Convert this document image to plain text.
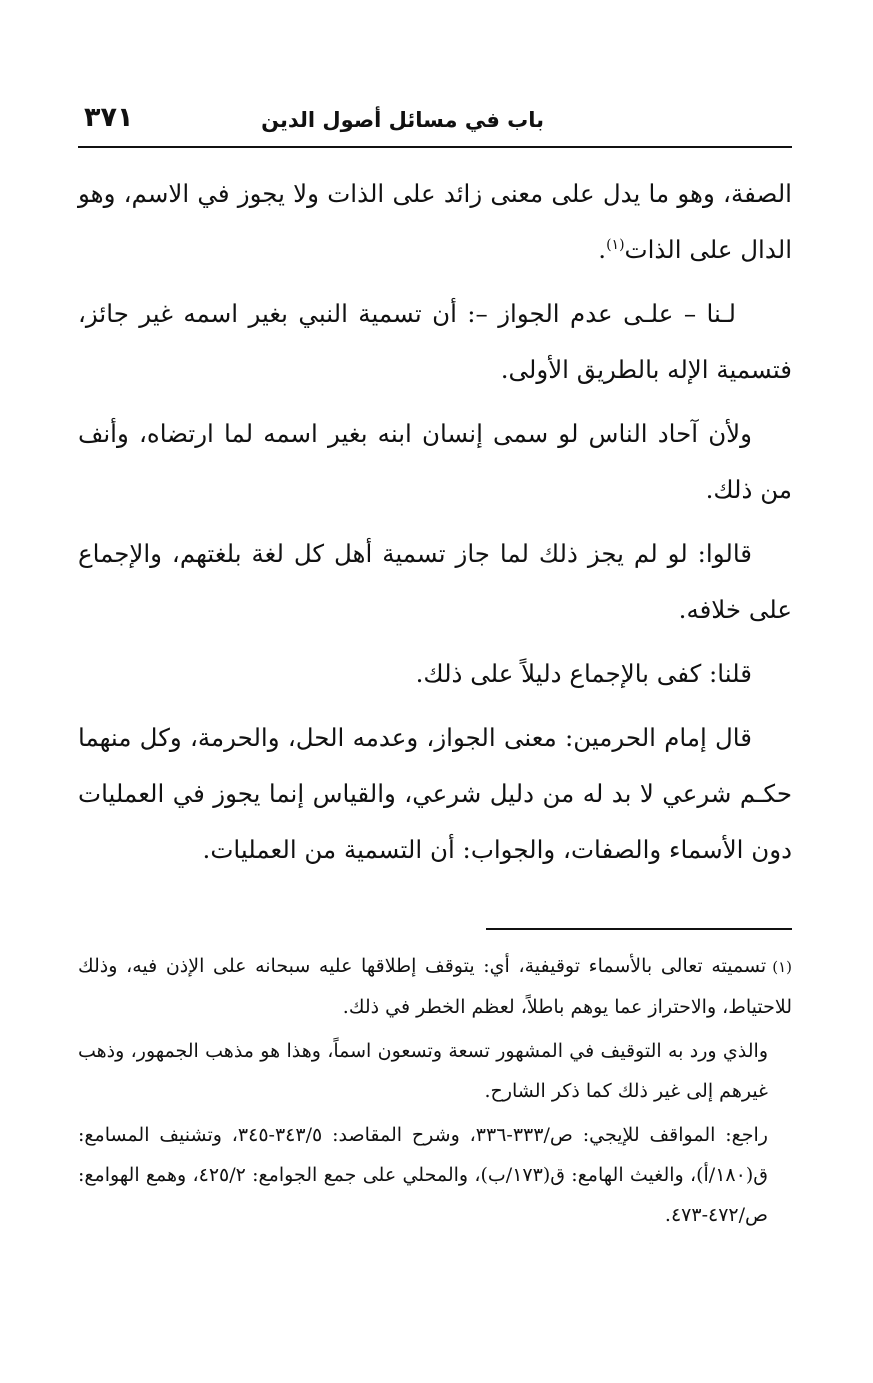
باب في مسائل أصول الدين
٣٧١

الصفة، وهو ما يدل على معنى زائد على الذات ولا يجوز في الاسم، وهو الدال على الذات$^{(١)}$.

لـنا – علـى عدم الجواز –: أن تسمية النبي بغير اسمه غير جائز، فتسمية الإله بالطريق الأولى.

ولأن آحاد الناس لو سمى إنسان ابنه بغير اسمه لما ارتضاه، وأنف من ذلك.

قالوا: لو لم يجز ذلك لما جاز تسمية أهل كل لغة بلغتهم، والإجماع على خلافه.

قلنا: كفى بالإجماع دليلاً على ذلك.

قال إمام الحرمين: معنى الجواز، وعدمه الحل، والحرمة، وكل منهما حكـم شرعي لا بد له من دليل شرعي، والقياس إنما يجوز في العمليات دون الأسماء والصفات، والجواب: أن التسمية من العمليات.

(١)تسميته تعالى بالأسماء توقيفية، أي: يتوقف إطلاقها عليه سبحانه على الإذن فيه، وذلك للاحتياط، والاحتراز عما يوهم باطلاً، لعظم الخطر في ذلك.

والذي ورد به التوقيف في المشهور تسعة وتسعون اسماً، وهذا هو مذهب الجمهور، وذهب غيرهم إلى غير ذلك كما ذكر الشارح.

راجع: المواقف للإيجي: ص/٣٣٣-٣٣٦، وشرح المقاصد: ٣٤٣/٥-٣٤٥، وتشنيف المسامع: ق(١٨٠/أ)، والغيث الهامع: ق(١٧٣/ب)، والمحلي على جمع الجوامع: ٤٢٥/٢، وهمع الهوامع: ص/٤٧٢-٤٧٣.
